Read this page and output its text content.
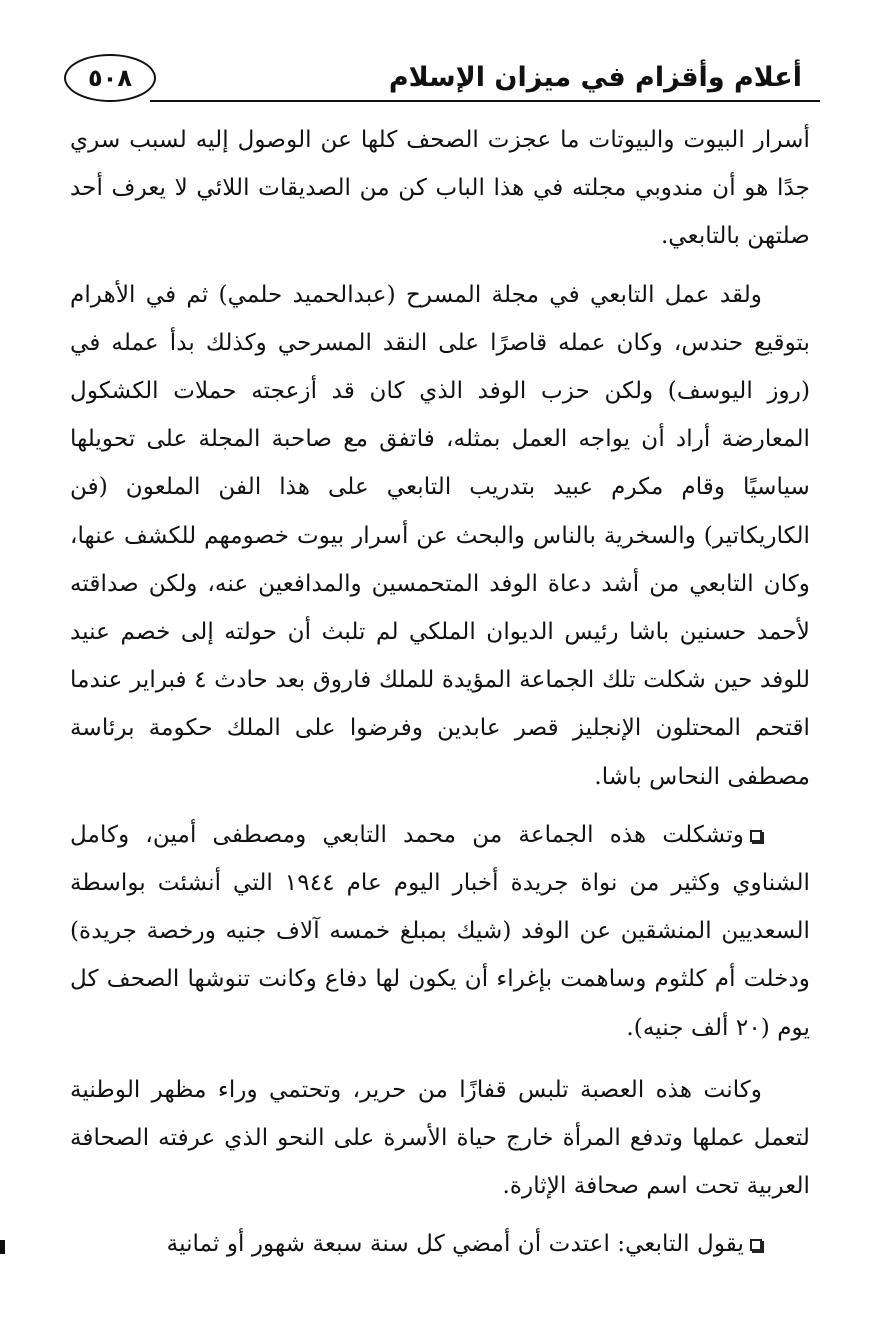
٥٠٨	أعلام وأقزام في ميزان الإسلام

أسرار البيوت والبيوتات ما عجزت الصحف كلها عن الوصول إليه لسبب سري جدًا هو أن مندوبي مجلته في هذا الباب كن من الصديقات اللائي لا يعرف أحد صلتهن بالتابعي.

ولقد عمل التابعي في مجلة المسرح (عبدالحميد حلمي) ثم في الأهرام بتوقيع حندس، وكان عمله قاصرًا على النقد المسرحي وكذلك بدأ عمله في (روز اليوسف) ولكن حزب الوفد الذي كان قد أزعجته حملات الكشكول المعارضة أراد أن يواجه العمل بمثله، فاتفق مع صاحبة المجلة على تحويلها سياسيًا وقام مكرم عبيد بتدريب التابعي على هذا الفن الملعون (فن الكاريكاتير) والسخرية بالناس والبحث عن أسرار بيوت خصومهم للكشف عنها، وكان التابعي من أشد دعاة الوفد المتحمسين والمدافعين عنه، ولكن صداقته لأحمد حسنين باشا رئيس الديوان الملكي لم تلبث أن حولته إلى خصم عنيد للوفد حين شكلت تلك الجماعة المؤيدة للملك فاروق بعد حادث ٤ فبراير عندما اقتحم المحتلون الإنجليز قصر عابدين وفرضوا على الملك حكومة برئاسة مصطفى النحاس باشا.

وتشكلت هذه الجماعة من محمد التابعي ومصطفى أمين، وكامل الشناوي وكثير من نواة جريدة أخبار اليوم عام ١٩٤٤ التي أنشئت بواسطة السعديين المنشقين عن الوفد (شيك بمبلغ خمسه آلاف جنيه ورخصة جريدة) ودخلت أم كلثوم وساهمت بإغراء أن يكون لها دفاع وكانت تنوشها الصحف كل يوم (٢٠ ألف جنيه).

وكانت هذه العصبة تلبس قفازًا من حرير، وتحتمي وراء مظهر الوطنية لتعمل عملها وتدفع المرأة خارج حياة الأسرة على النحو الذي عرفته الصحافة العربية تحت اسم صحافة الإثارة.

يقول التابعي: اعتدت أن أمضي كل سنة سبعة شهور أو ثمانية
